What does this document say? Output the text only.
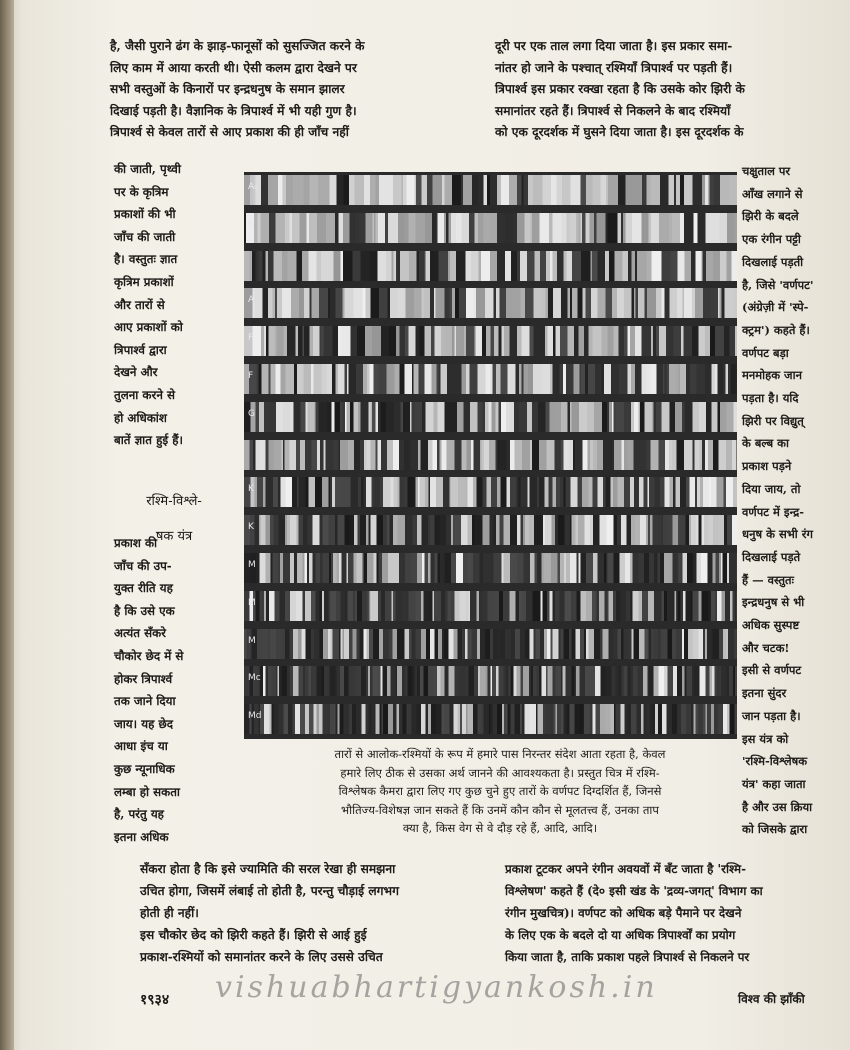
है, जैसी पुराने ढंग के झाड़-फानूसों को सुसज्जित करने के

लिए काम में आया करती थी। ऐसी कलम द्वारा देखने पर

सभी वस्तुओं के किनारों पर इन्द्रधनुष के समान झालर

दिखाई पड़ती है। वैज्ञानिक के त्रिपार्श्व में भी यही गुण है।

त्रिपार्श्व से केवल तारों से आए प्रकाश की ही जाँच नहीं

दूरी पर एक ताल लगा दिया जाता है। इस प्रकार समा-

नांतर हो जाने के पश्चात् रश्मियाँ त्रिपार्श्व पर पड़ती हैं।

त्रिपार्श्व इस प्रकार रक्खा रहता है कि उसके कोर झिरी के

समानांतर रहते हैं। त्रिपार्श्व से निकलने के बाद रश्मियाँ

को एक दूरदर्शक में घुसने दिया जाता है। इस दूरदर्शक के

की जाती, पृथ्वी

पर के कृत्रिम

प्रकाशों की भी

जाँच की जाती

है। वस्तुतः ज्ञात

कृत्रिम प्रकाशों

और तारों से

आए प्रकाशों को

त्रिपार्श्व द्वारा

देखने और

तुलना करने से

हो अधिकांश

बातें ज्ञात हुई हैं।

रश्मि-विश्ले-

षक यंत्र

प्रकाश की

जाँच की उप-

युक्त रीति यह

है कि उसे एक

अत्यंत सँकरे

चौकोर छेद में से

होकर त्रिपार्श्व

तक जाने दिया

जाय। यह छेद

आधा इंच या

कुछ न्यूनाधिक

लम्बा हो सकता

है, परंतु यह

इतना अधिक

चक्षुताल पर

आँख लगाने से

झिरी के बदले

एक रंगीन पट्टी

दिखलाई पड़ती

है, जिसे 'वर्णपट'

(अंग्रेज़ी में 'स्पे-

क्ट्रम') कहते हैं।

वर्णपट बड़ा

मनमोहक जान

पड़ता है। यदि

झिरी पर विद्युत्

के बल्ब का

प्रकाश पड़ने

दिया जाय, तो

वर्णपट में इन्द्र-

धनुष के सभी रंग

दिखलाई पड़ते

हैं — वस्तुतः

इन्द्रधनुष से भी

अधिक सुस्पष्ट

और चटक!

इसी से वर्णपट

इतना सुंदर

जान पड़ता है।

इस यंत्र को

'रश्मि-विश्लेषक

यंत्र' कहा जाता

है और उस क्रिया

को जिसके द्वारा

A₀
B
A
F
F
G
K
K
M
M
M
Mc
Md

तारों से आलोक-रश्मियों के रूप में हमारे पास निरन्तर संदेश आता रहता है, केवल

हमारे लिए ठीक से उसका अर्थ जानने की आवश्यकता है। प्रस्तुत चित्र में रश्मि-

विश्लेषक कैमरा द्वारा लिए गए कुछ चुने हुए तारों के वर्णपट दिग्दर्शित हैं, जिनसे

भौतिज्य-विशेषज्ञ जान सकते हैं कि उनमें कौन कौन से मूलतत्त्व हैं, उनका ताप

क्या है, किस वेग से वे दौड़ रहे हैं, आदि, आदि।

सँकरा होता है कि इसे ज्यामिति की सरल रेखा ही समझना

उचित होगा, जिसमें लंबाई तो होती है, परन्तु चौड़ाई लगभग

होती ही नहीं।

इस चौकोर छेद को झिरी कहते हैं। झिरी से आई हुई

प्रकाश-रश्मियों को समानांतर करने के लिए उससे उचित

प्रकाश टूटकर अपने रंगीन अवयवों में बँट जाता है 'रश्मि-

विश्लेषण' कहते हैं (दे० इसी खंड के 'द्रव्य-जगत्' विभाग का

रंगीन मुखचित्र)। वर्णपट को अधिक बड़े पैमाने पर देखने

के लिए एक के बदले दो या अधिक त्रिपार्श्वों का प्रयोग

किया जाता है, ताकि प्रकाश पहले त्रिपार्श्व से निकलने पर

१९३४ vishuabhartigyankosh.in	विश्व की झाँकी
